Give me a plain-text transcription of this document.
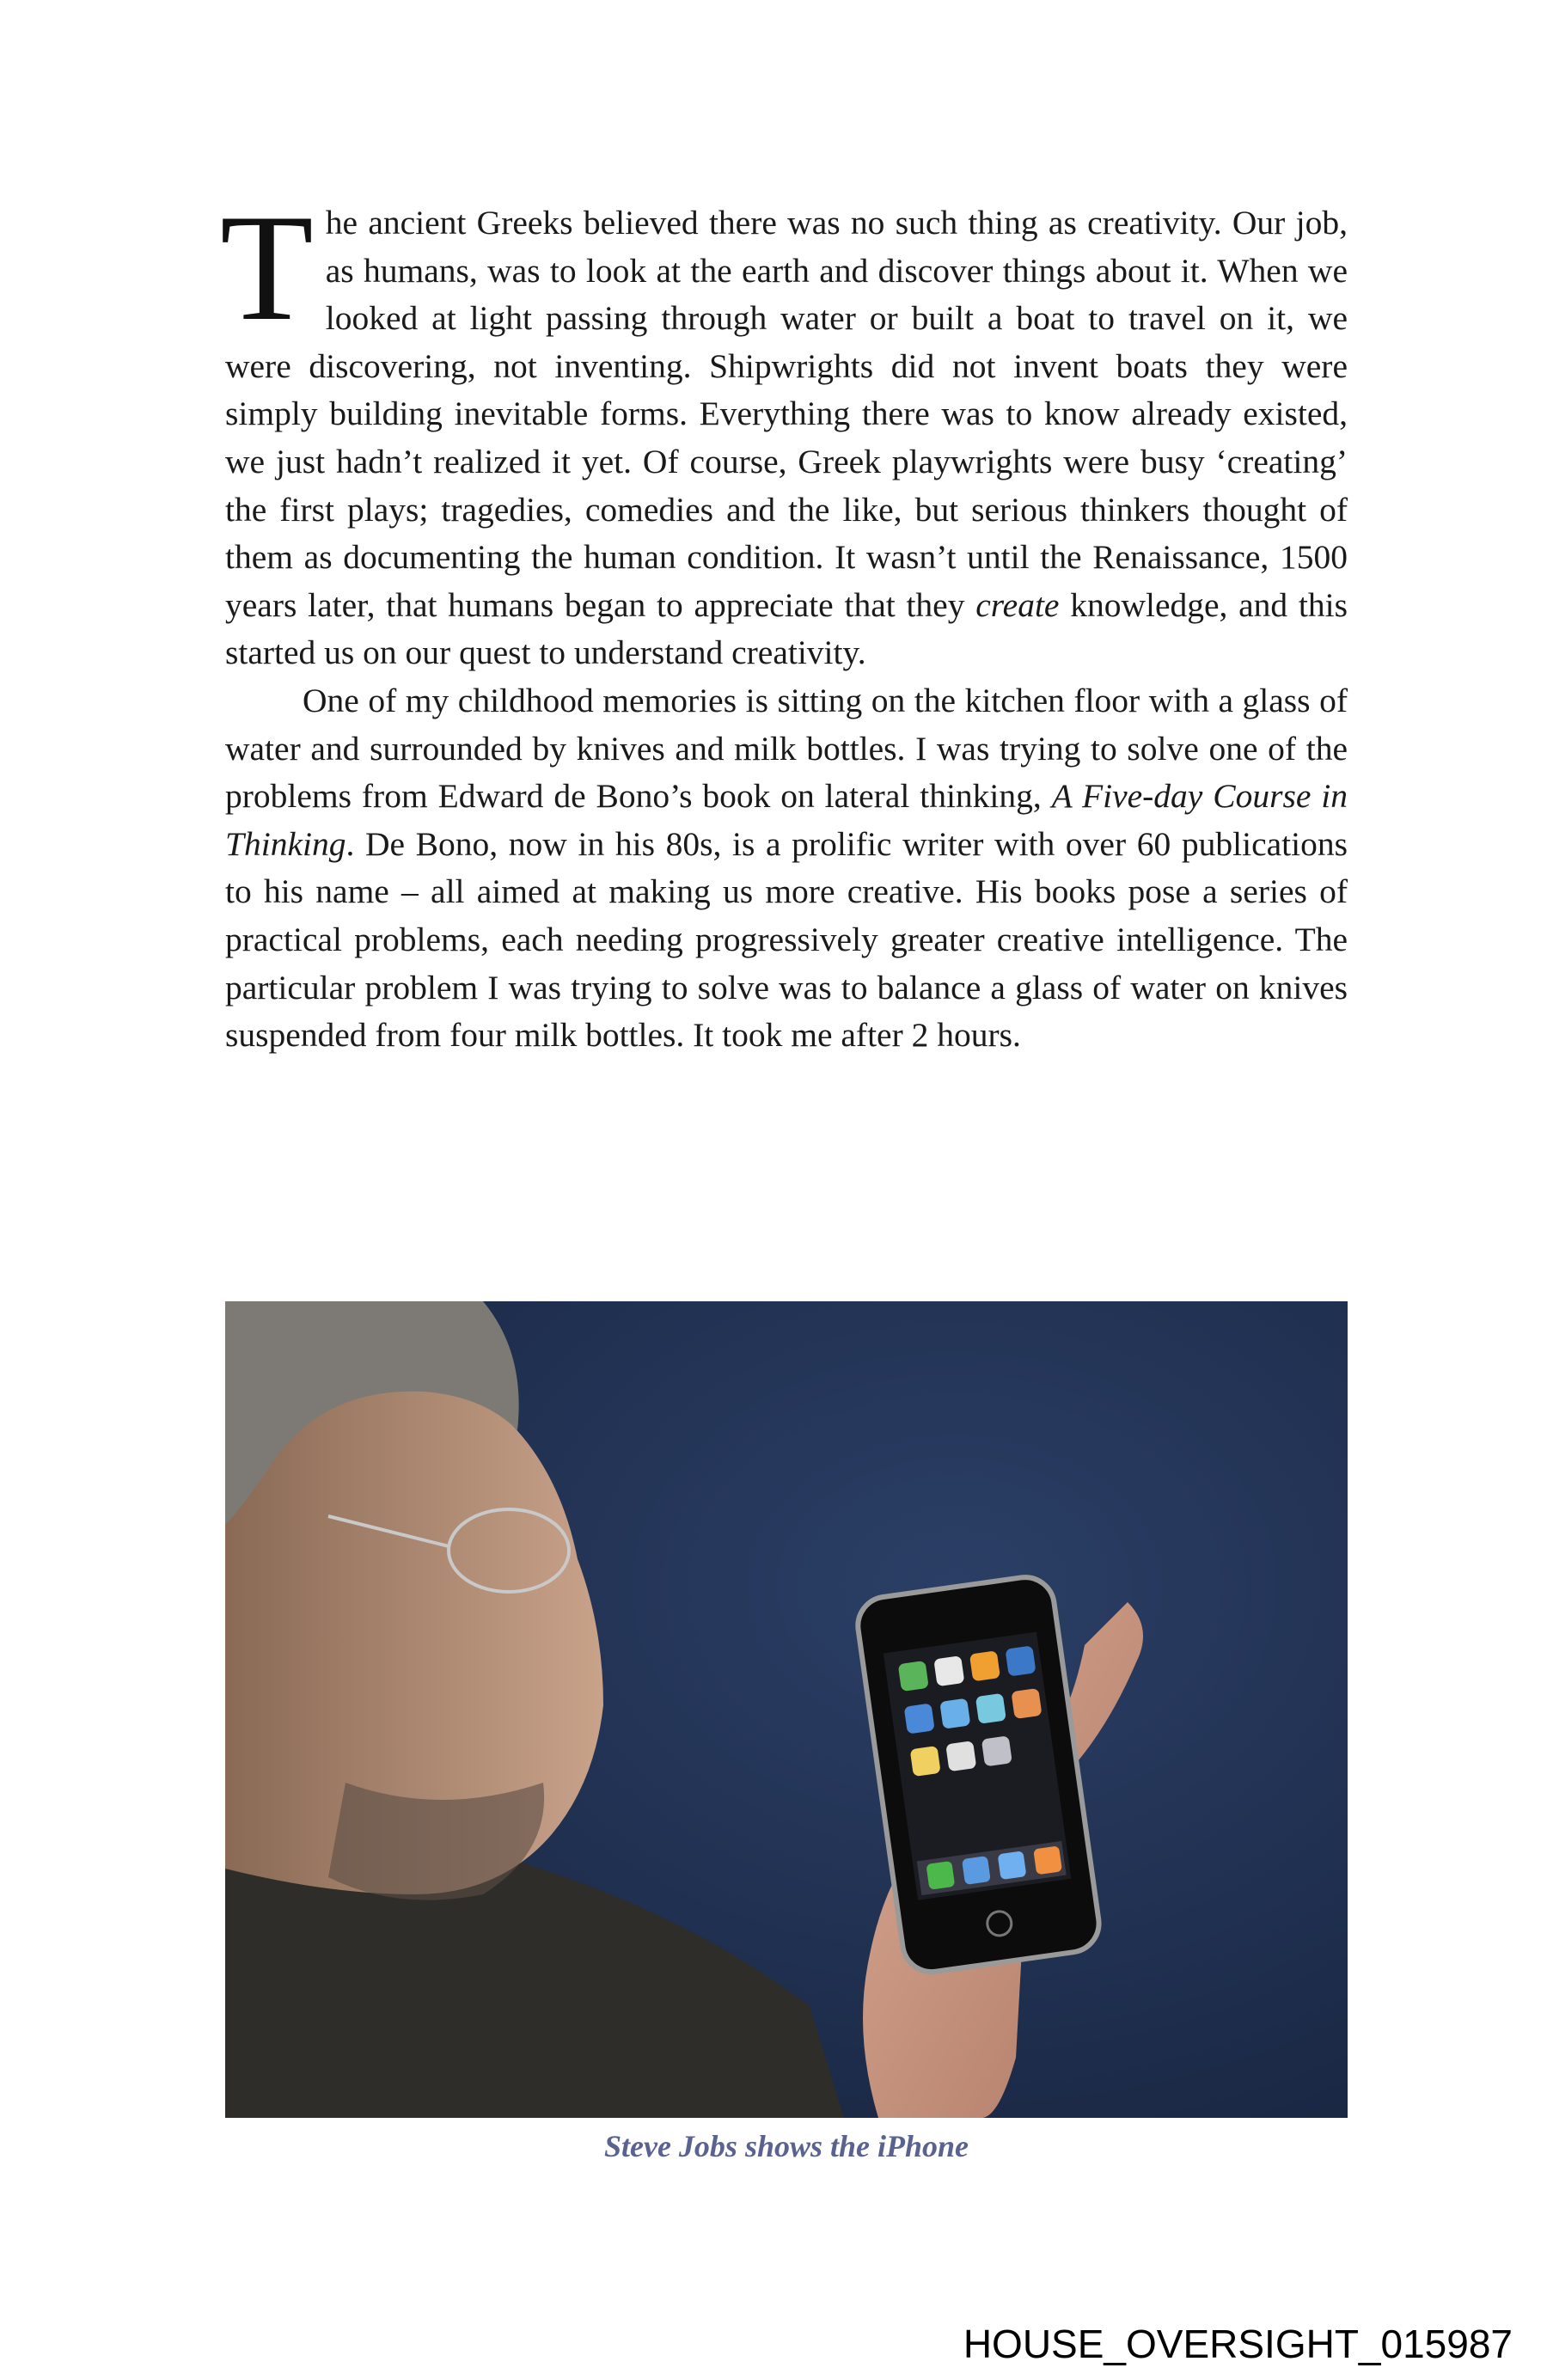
The ancient Greeks believed there was no such thing as creativity. Our job, as humans, was to look at the earth and discover things about it. When we looked at light passing through water or built a boat to travel on it, we were discovering, not inventing. Shipwrights did not invent boats they were simply building inevitable forms. Everything there was to know already existed, we just hadn’t realized it yet. Of course, Greek playwrights were busy ‘creating’ the first plays; tragedies, comedies and the like, but serious thinkers thought of them as documenting the human condition. It wasn’t until the Renaissance, 1500 years later, that humans began to appreciate that they create knowledge, and this started us on our quest to understand creativity.

One of my childhood memories is sitting on the kitchen floor with a glass of water and surrounded by knives and milk bottles. I was trying to solve one of the problems from Edward de Bono’s book on lateral thinking, A Five-day Course in Thinking. De Bono, now in his 80s, is a prolific writer with over 60 publications to his name – all aimed at making us more creative. His books pose a series of practical problems, each needing progressively greater creative intelligence. The particular problem I was trying to solve was to balance a glass of water on knives suspended from four milk bottles. It took me after 2 hours.

Steve Jobs shows the iPhone
HOUSE_OVERSIGHT_015987
